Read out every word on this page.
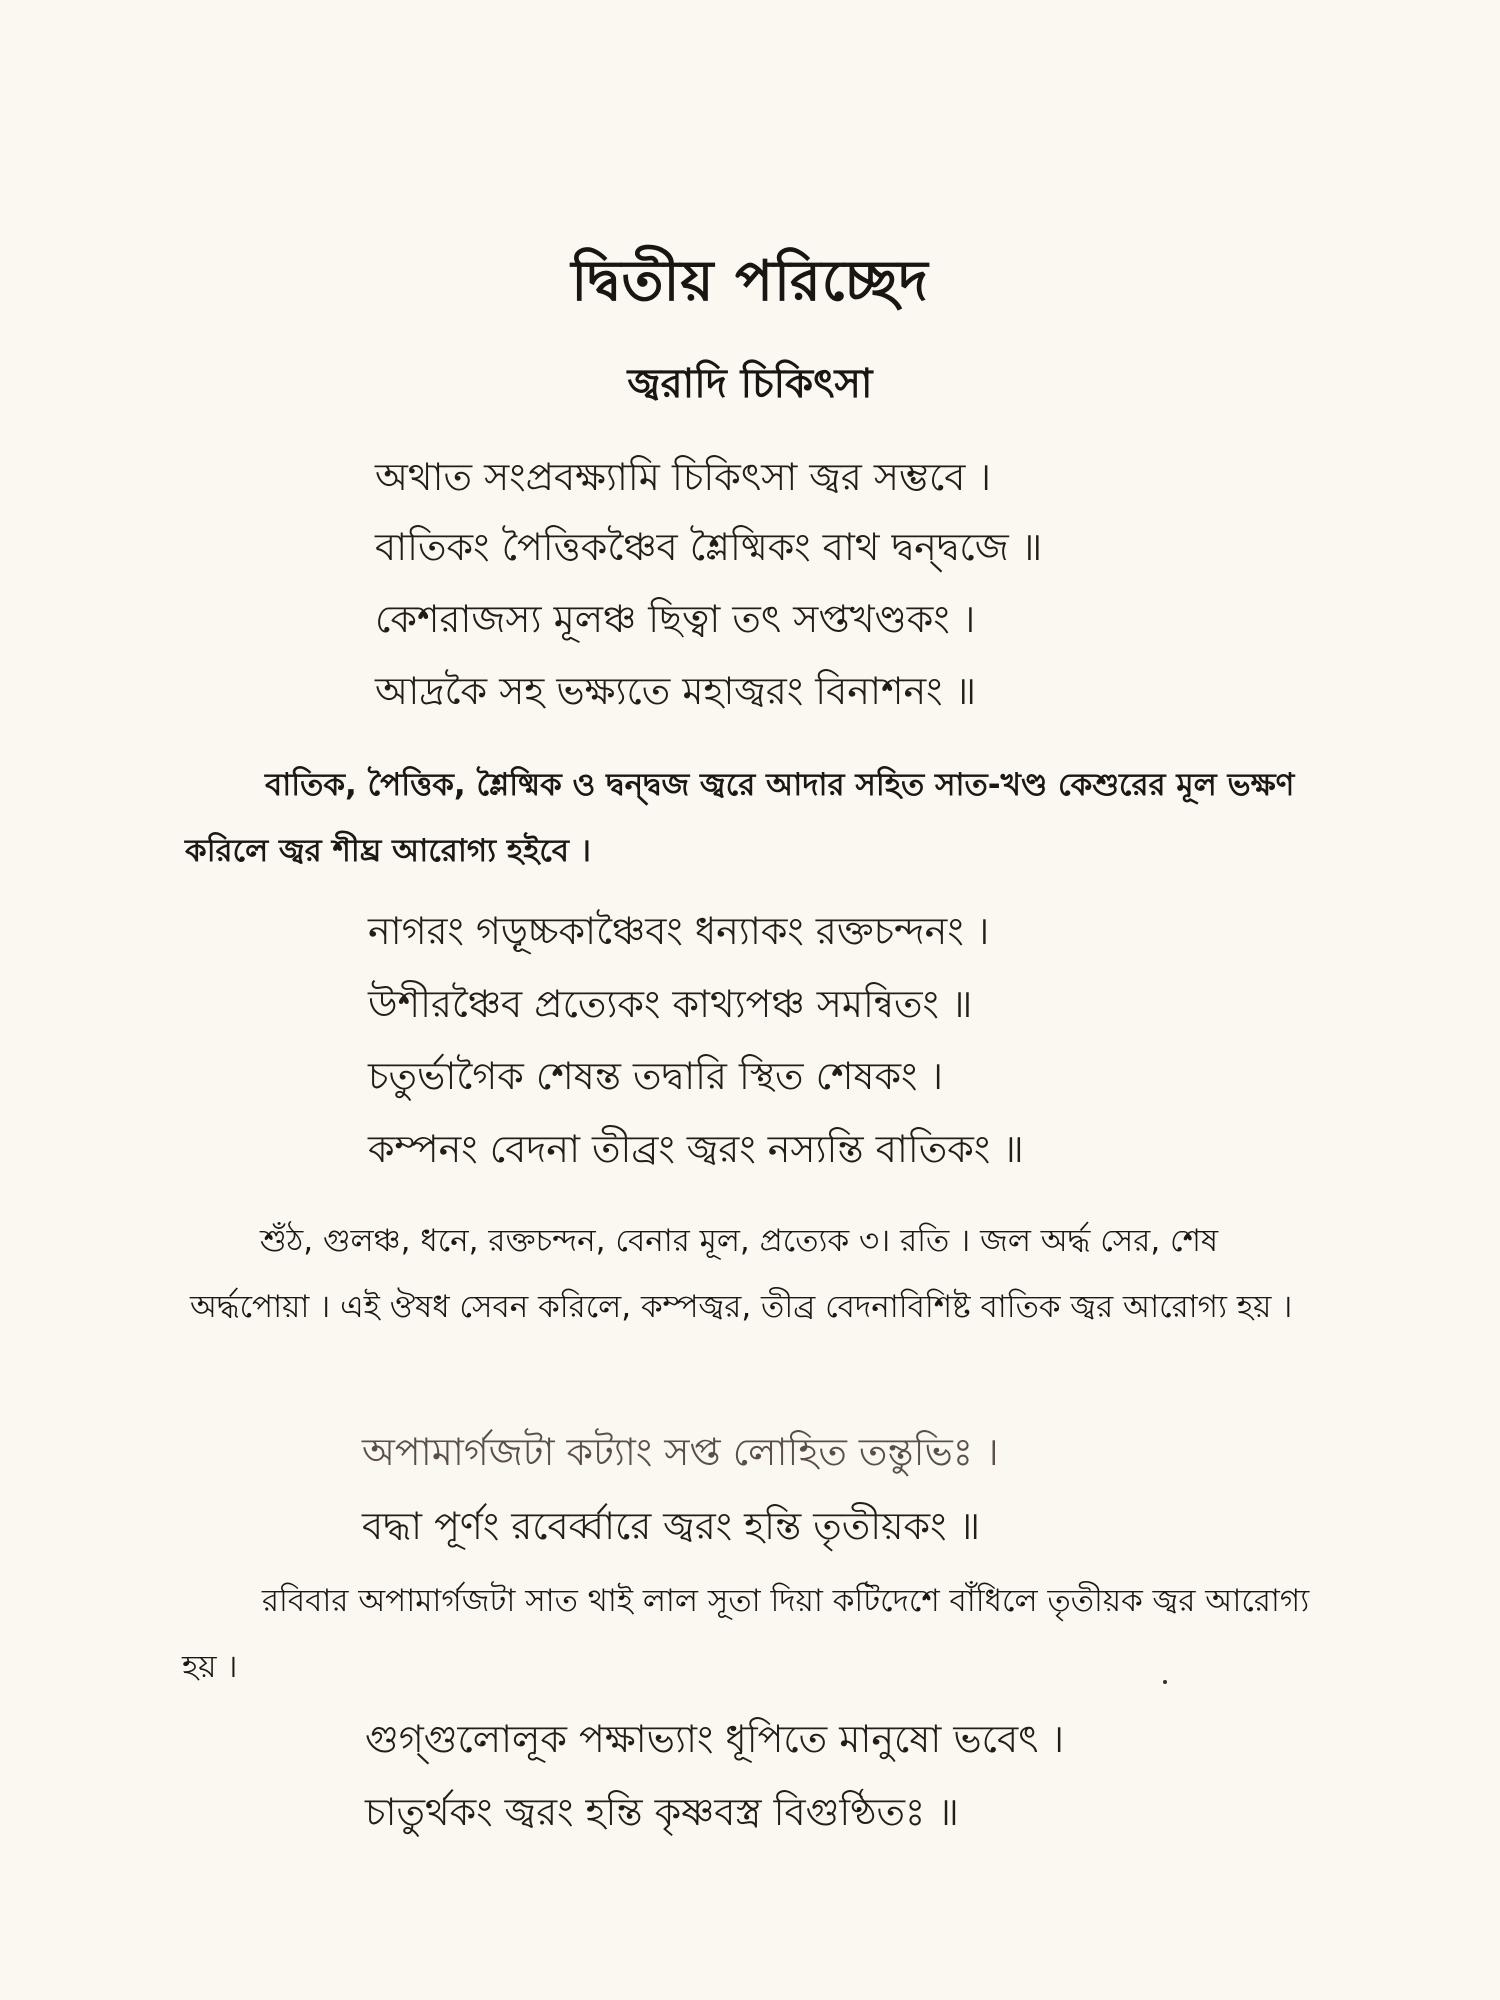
দ্বিতীয় পরিচ্ছেদ
জ্বরাদি চিকিৎসা
অথাত সংপ্রবক্ষ্যামি চিকিৎসা জ্বর সম্ভবে ।
বাতিকং পৈত্তিকঞ্চৈব শ্লৈষ্মিকং বাথ দ্বন্দ্বজে ॥
কেশরাজস্য মূলঞ্চ ছিত্বা তৎ সপ্তখণ্ডকং ।
আদ্রকৈ সহ ভক্ষ্যতে মহাজ্বরং বিনাশনং ॥
বাতিক, পৈত্তিক, শ্লৈষ্মিক ও দ্বন্দ্বজ জ্বরে আদার সহিত সাত-খণ্ড কেশুরের মূল ভক্ষণ করিলে জ্বর শীঘ্র আরোগ্য হইবে ।
নাগরং গড়ূচ্চকাঞ্চৈবং ধন্যাকং রক্তচন্দনং ।
উশীরঞ্চৈব প্রত্যেকং কাথ্যপঞ্চ সমন্বিতং ॥
চতুর্ভাগৈক শেষন্ত তদ্বারি স্থিত শেষকং ।
কম্পনং বেদনা তীব্রং জ্বরং নস্যন্তি বাতিকং ॥
শুঁঠ, গুলঞ্চ, ধনে, রক্তচন্দন, বেনার মূল, প্রত্যেক ৩। রতি । জল অর্দ্ধ সের, শেষ অর্দ্ধপোয়া । এই ঔষধ সেবন করিলে, কম্পজ্বর, তীব্র বেদনাবিশিষ্ট বাতিক জ্বর আরোগ্য হয় ।
অপামার্গজটা কট্যাং সপ্ত লোহিত তন্তুভিঃ ।
বদ্ধা পূর্ণং রবের্ব্বারে জ্বরং হন্তি তৃতীয়কং ॥
রবিবার অপামার্গজটা সাত থাই লাল সূতা দিয়া কটিদেশে বাঁধিলে তৃতীয়ক জ্বর আরোগ্য হয় ।
গুগ্গুলোলূক পক্ষাভ্যাং ধূপিতে মানুষো ভবেৎ ।
চাতুর্থকং জ্বরং হন্তি কৃষ্ণবস্ত্র বিগুণ্ঠিতঃ ॥
